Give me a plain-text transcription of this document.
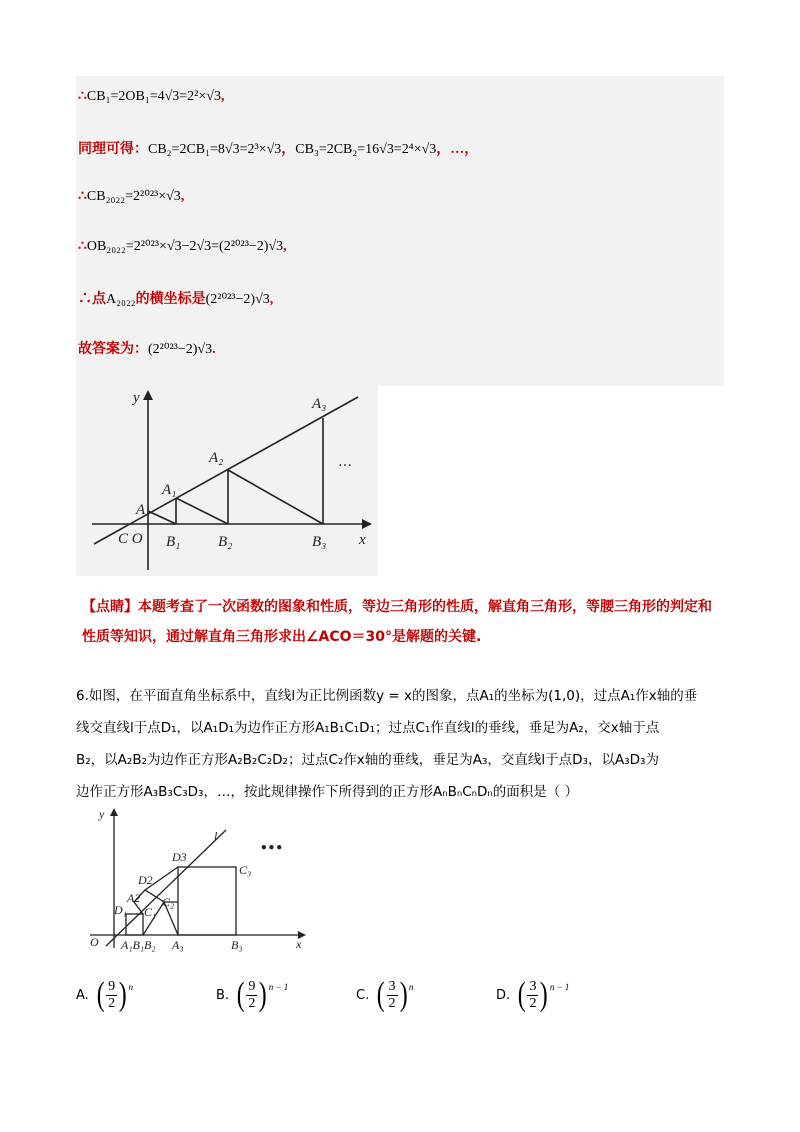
∴CB₁=2OB₁=4√3=2²×√3,
同理可得：CB₂=2CB₁=8√3=2³×√3，CB₃=2CB₂=16√3=2⁴×√3，…，
∴CB₂₀₂₂=2²⁰²³×√3,
∴OB₂₀₂₂=2²⁰²³×√3−2√3=(2²⁰²³−2)√3,
∴点A₂₀₂₂的横坐标是(2²⁰²³−2)√3,
故答案为：(2²⁰²³−2)√3.
y
x
A
A₁
A₂
A₃
C O B₁	B₂	B₃
…
【点睛】本题考查了一次函数的图象和性质，等边三角形的性质，解直角三角形，等腰三角形的判定和
性质等知识，通过解直角三角形求出∠ACO＝30°是解题的关键.
6.如图，在平面直角坐标系中，直线l为正比例函数y = x的图象，点A₁的坐标为(1,0)，过点A₁作x轴的垂
线交直线l于点D₁，以A₁D₁为边作正方形A₁B₁C₁D₁；过点C₁作直线l的垂线，垂足为A₂，交x轴于点
B₂，以A₂B₂为边作正方形A₂B₂C₂D₂；过点C₂作x轴的垂线，垂足为A₃，交直线l于点D₃，以A₃D₃为
边作正方形A₃B₃C₃D₃，…，按此规律操作下所得到的正方形AₙBₙCₙDₙ的面积是（ ）
y
x
l
O A₁B₁B₂ A₃	B₃
D₁
A2
C₁
D2
C₂
D3
C₃
•••
A. ( $\frac{9}{2}$ ) n
B. ( $\frac{9}{2}$ ) n − 1
C. ( $\frac{3}{2}$ ) n
D. ( $\frac{3}{2}$ ) n − 1
